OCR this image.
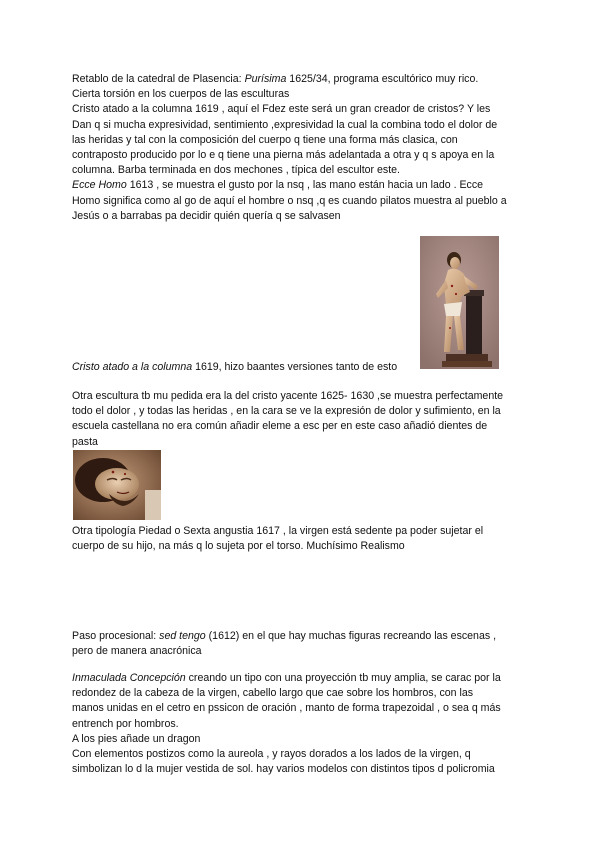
Retablo de la catedral de Plasencia: Purísima 1625/34, programa escultórico muy rico.

Cierta torsión en los cuerpos de las esculturas

Cristo atado a la columna 1619 , aquí el Fdez este será un gran creador de cristos? Y les

Dan q si mucha expresividad, sentimiento ,expresividad la cual la combina todo el dolor de

las heridas y tal con la composición del cuerpo q tiene una forma más clasica, con

contraposto producido por lo e q tiene una pierna más adelantada a otra y q s apoya en la

columna. Barba terminada en dos mechones , típica del escultor este.

Ecce Homo 1613 , se muestra el gusto por la nsq , las mano están hacia un lado . Ecce

Homo significa como al go de aquí el hombre o nsq ,q es cuando pilatos muestra al pueblo a

Jesús o a barrabas pa decidir quién quería q se salvasen

Cristo atado a la columna 1619, hizo baantes versiones tanto de esto

Otra escultura tb mu pedida era la del cristo yacente 1625- 1630 ,se muestra perfectamente

todo el dolor , y todas las heridas , en la cara se ve la expresión de dolor y sufimiento, en la

escuela castellana no era común añadir eleme a esc per en este caso añadió dientes de

pasta

Otra tipología Piedad o Sexta angustia 1617 , la virgen está sedente pa poder sujetar el

cuerpo de su hijo, na más q lo sujeta por el torso. Muchísimo Realismo

Paso procesional: sed tengo (1612) en el que hay muchas figuras recreando las escenas ,

pero de manera anacrónica

Inmaculada Concepción creando un tipo con una proyección tb muy amplia, se carac por la

redondez de la cabeza de la virgen, cabello largo que cae sobre los hombros, con las

manos unidas en el cetro en pssicon de oración , manto de forma trapezoidal , o sea q más

entrench por hombros.

A los pies añade un dragon

Con elementos postizos como la aureola , y rayos dorados a los lados de la virgen, q

simbolizan lo d la mujer vestida de sol. hay varios modelos con distintos tipos d policromia
